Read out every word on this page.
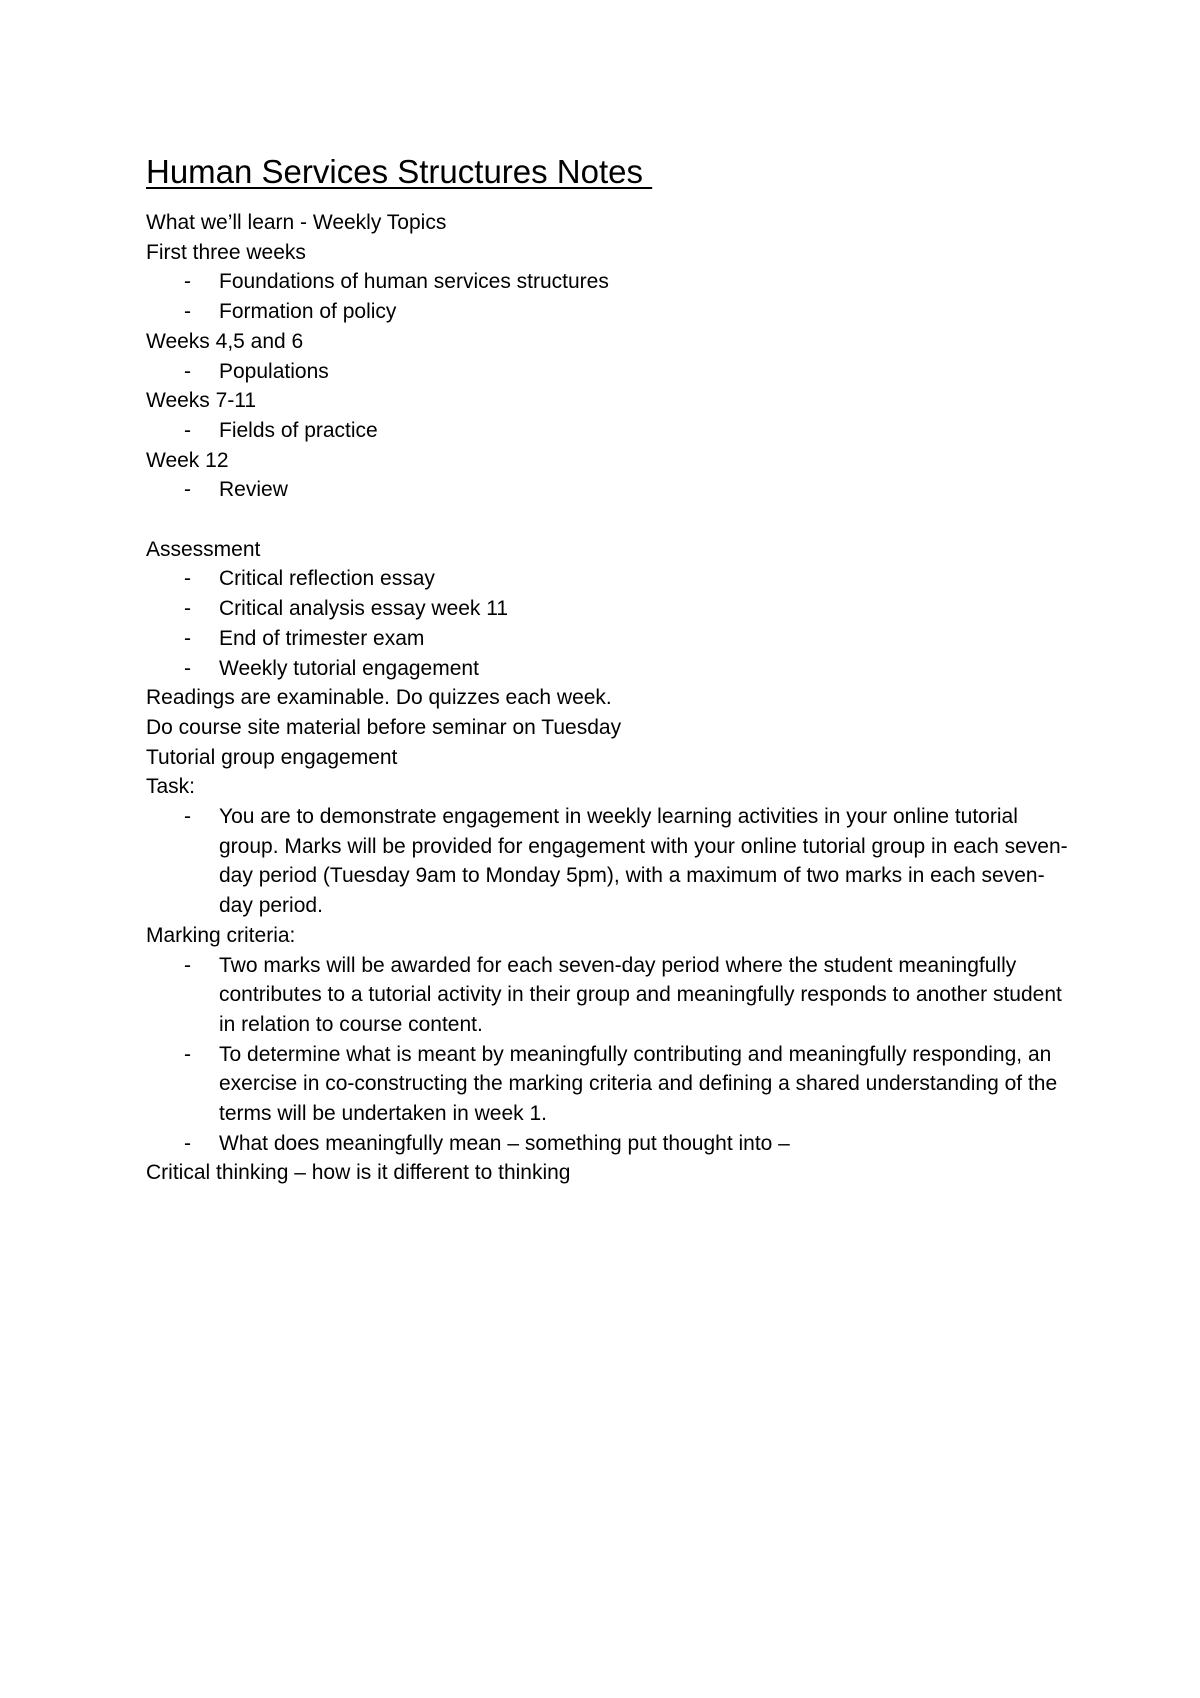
Human Services Structures Notes

What we’ll learn - Weekly Topics

First three weeks

- Foundations of human services structures
- Formation of policy

Weeks 4,5 and 6

- Populations

Weeks 7-11

- Fields of practice

Week 12

- Review

Assessment

- Critical reflection essay
- Critical analysis essay week 11
- End of trimester exam
- Weekly tutorial engagement

Readings are examinable. Do quizzes each week.

Do course site material before seminar on Tuesday

Tutorial group engagement

Task:

- You are to demonstrate engagement in weekly learning activities in your online tutorial group. Marks will be provided for engagement with your online tutorial group in each seven-day period (Tuesday 9am to Monday 5pm), with a maximum of two marks in each seven-day period.

Marking criteria:

- Two marks will be awarded for each seven-day period where the student meaningfully contributes to a tutorial activity in their group and meaningfully responds to another student in relation to course content.
- To determine what is meant by meaningfully contributing and meaningfully responding, an exercise in co-constructing the marking criteria and defining a shared understanding of the terms will be undertaken in week 1.
- What does meaningfully mean – something put thought into –

Critical thinking – how is it different to thinking
